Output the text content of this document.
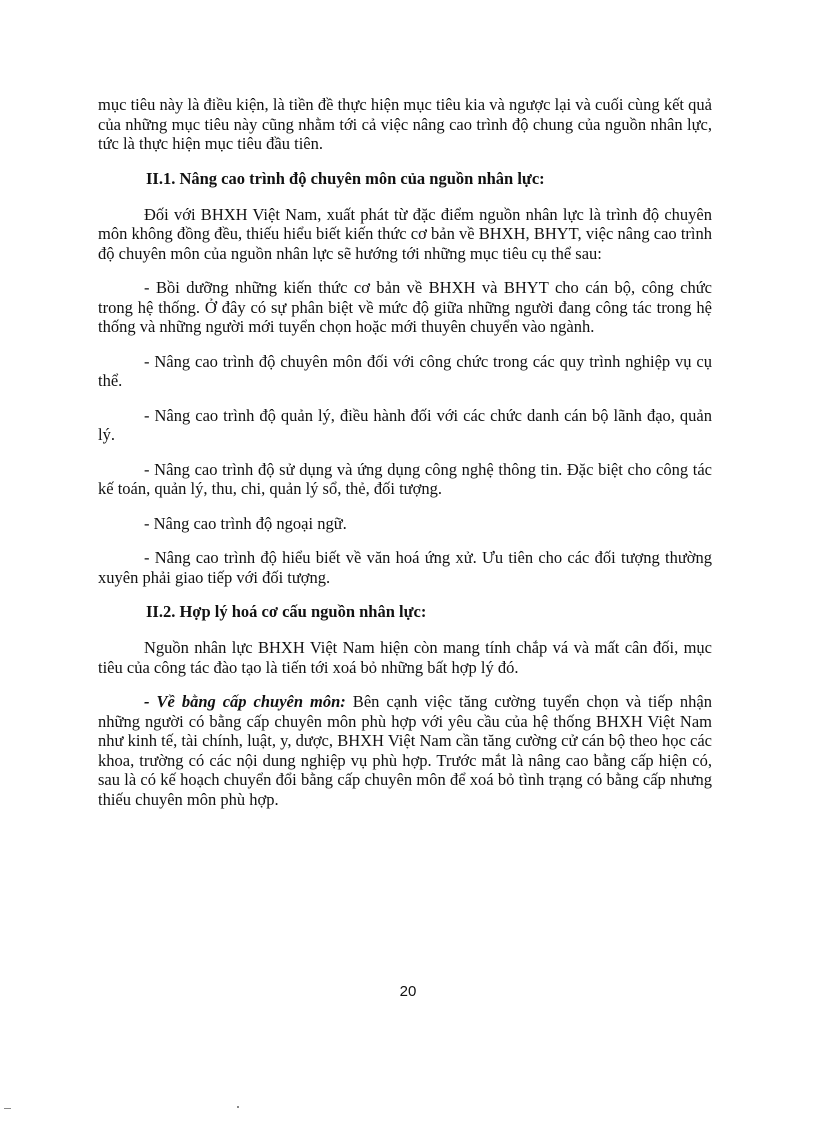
mục tiêu này là điều kiện, là tiền đề thực hiện mục tiêu kia và ngược lại và cuối cùng kết quả của những mục tiêu này cũng nhằm tới cả việc nâng cao trình độ chung của nguồn nhân lực, tức là thực hiện mục tiêu đầu tiên.

II.1. Nâng cao trình độ chuyên môn của nguồn nhân lực:

Đối với BHXH Việt Nam, xuất phát từ đặc điểm nguồn nhân lực là trình độ chuyên môn không đồng đều, thiếu hiểu biết kiến thức cơ bản về BHXH, BHYT, việc nâng cao trình độ chuyên môn của nguồn nhân lực sẽ hướng tới những mục tiêu cụ thể sau:

- Bồi dưỡng những kiến thức cơ bản về BHXH và BHYT cho cán bộ, công chức trong hệ thống. Ở đây có sự phân biệt về mức độ giữa những người đang công tác trong hệ thống và những người mới tuyển chọn hoặc mới thuyên chuyển vào ngành.

- Nâng cao trình độ chuyên môn đối với công chức trong các quy trình nghiệp vụ cụ thể.

- Nâng cao trình độ quản lý, điều hành đối với các chức danh cán bộ lãnh đạo, quản lý.

- Nâng cao trình độ sử dụng và ứng dụng công nghệ thông tin. Đặc biệt cho công tác kế toán, quản lý, thu, chi, quản lý sổ, thẻ, đối tượng.

- Nâng cao trình độ ngoại ngữ.

- Nâng cao trình độ hiểu biết về văn hoá ứng xử. Ưu tiên cho các đối tượng thường xuyên phải giao tiếp với đối tượng.

II.2. Hợp lý hoá cơ cấu nguồn nhân lực:

Nguồn nhân lực BHXH Việt Nam hiện còn mang tính chắp vá và mất cân đối, mục tiêu của công tác đào tạo là tiến tới xoá bỏ những bất hợp lý đó.

- Về bằng cấp chuyên môn: Bên cạnh việc tăng cường tuyển chọn và tiếp nhận những người có bằng cấp chuyên môn phù hợp với yêu cầu của hệ thống BHXH Việt Nam như kinh tế, tài chính, luật, y, dược, BHXH Việt Nam cần tăng cường cử cán bộ theo học các khoa, trường có các nội dung nghiệp vụ phù hợp. Trước mắt là nâng cao bằng cấp hiện có, sau là có kế hoạch chuyển đổi bằng cấp chuyên môn để xoá bỏ tình trạng có bằng cấp nhưng thiếu chuyên môn phù hợp.

20
